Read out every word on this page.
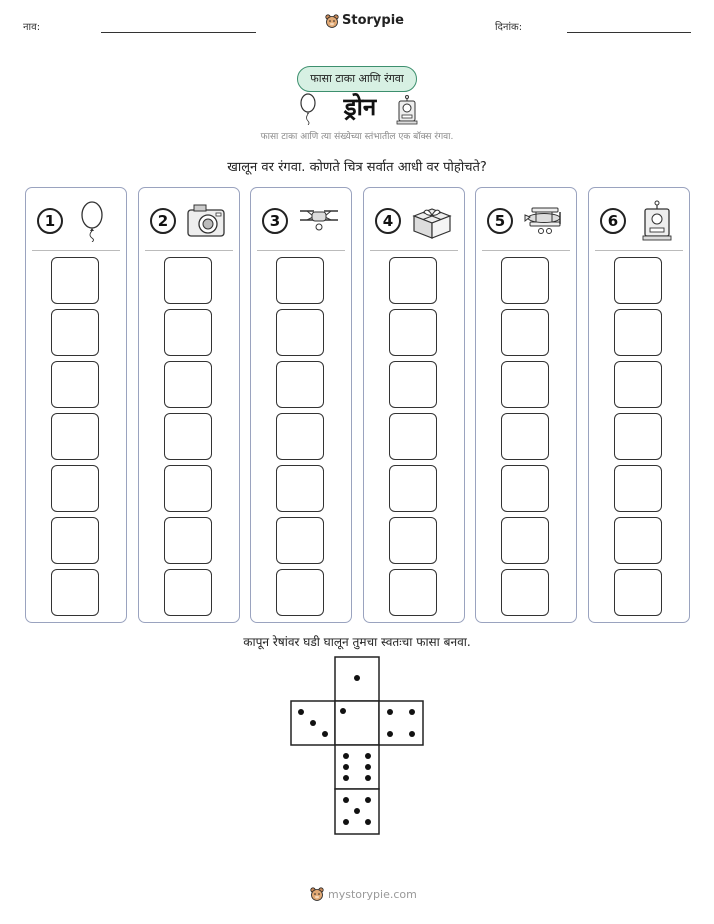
नाव:	Storypie	दिनांक:
फासा टाका आणि रंगवा
ड्रोन
फासा टाका आणि त्या संख्येच्या स्तंभातील एक बॉक्स रंगवा.
खालून वर रंगवा. कोणते चित्र सर्वात आधी वर पोहोचते?
1	2	3	4	5	6
कापून रेषांवर घडी घालून तुमचा स्वतःचा फासा बनवा.
mystorypie.com
